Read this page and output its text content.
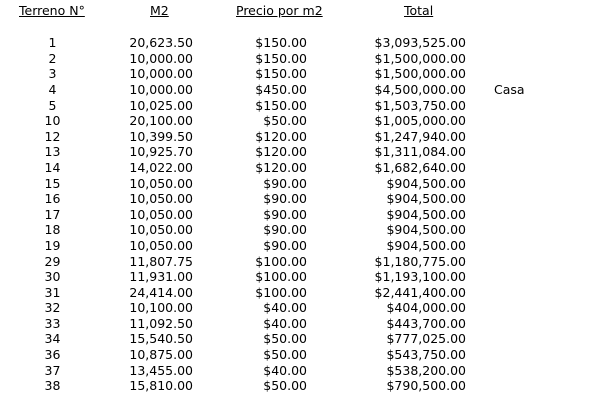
Terreno N°	M2	Precio por m2	Total
1	20,623.50	$150.00	$3,093,525.00
2	10,000.00	$150.00	$1,500,000.00
3	10,000.00	$150.00	$1,500,000.00
4	10,000.00	$450.00	$4,500,000.00 Casa
5	10,025.00	$150.00	$1,503,750.00
10	20,100.00	$50.00	$1,005,000.00
12	10,399.50	$120.00	$1,247,940.00
13	10,925.70	$120.00	$1,311,084.00
14	14,022.00	$120.00	$1,682,640.00
15	10,050.00	$90.00	$904,500.00
16	10,050.00	$90.00	$904,500.00
17	10,050.00	$90.00	$904,500.00
18	10,050.00	$90.00	$904,500.00
19	10,050.00	$90.00	$904,500.00
29	11,807.75	$100.00	$1,180,775.00
30	11,931.00	$100.00	$1,193,100.00
31	24,414.00	$100.00	$2,441,400.00
32	10,100.00	$40.00	$404,000.00
33	11,092.50	$40.00	$443,700.00
34	15,540.50	$50.00	$777,025.00
36	10,875.00	$50.00	$543,750.00
37	13,455.00	$40.00	$538,200.00
38	15,810.00	$50.00	$790,500.00
